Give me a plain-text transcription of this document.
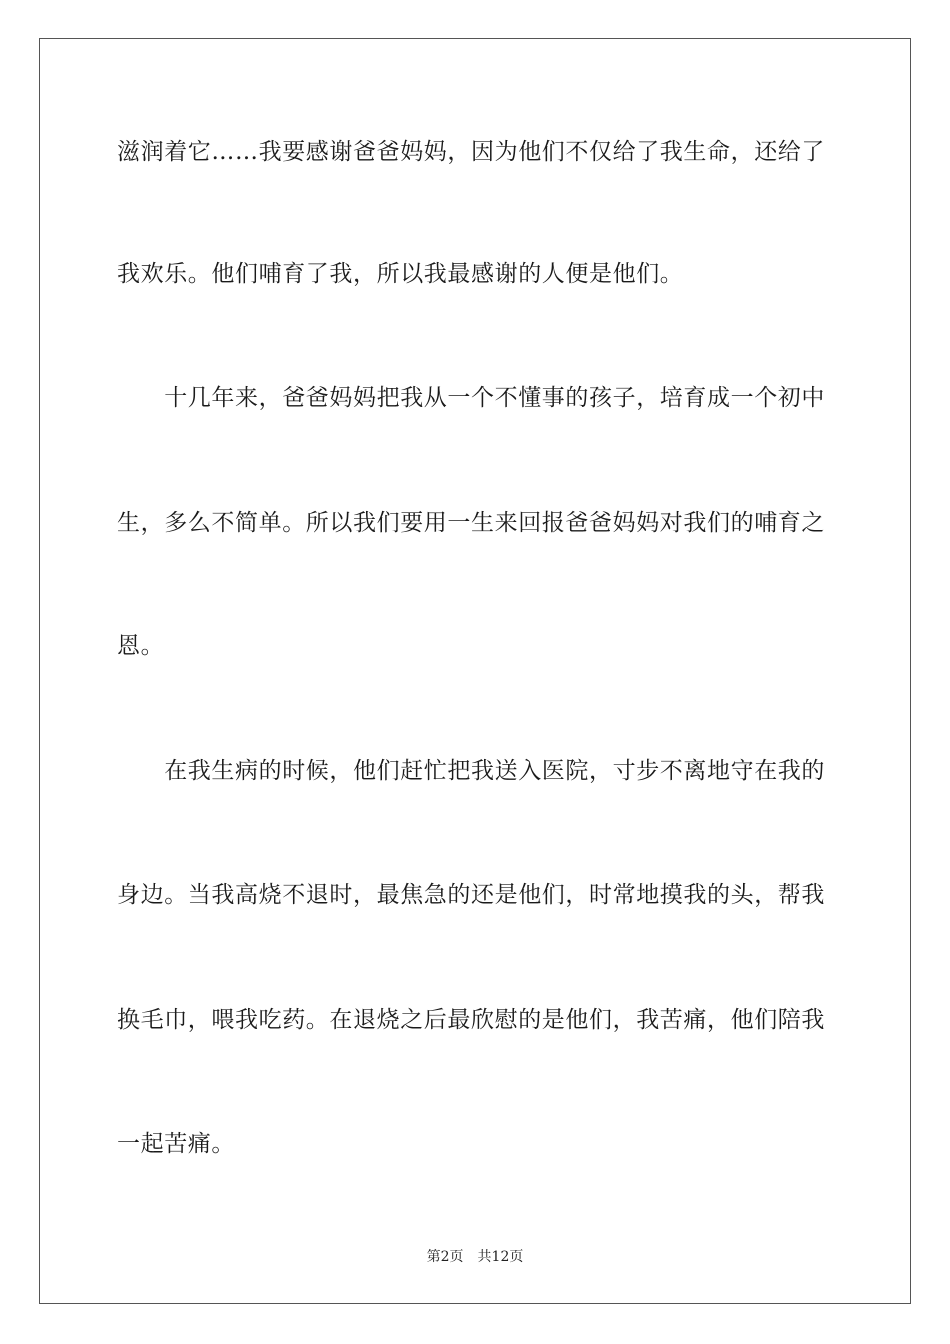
滋润着它……我要感谢爸爸妈妈，因为他们不仅给了我生命，还给了
我欢乐。他们哺育了我，所以我最感谢的人便是他们。
　　十几年来，爸爸妈妈把我从一个不懂事的孩子，培育成一个初中
生，多么不简单。所以我们要用一生来回报爸爸妈妈对我们的哺育之
恩。
　　在我生病的时候，他们赶忙把我送入医院，寸步不离地守在我的
身边。当我高烧不退时，最焦急的还是他们，时常地摸我的头，帮我
换毛巾，喂我吃药。在退烧之后最欣慰的是他们，我苦痛，他们陪我
一起苦痛。
第2页 共12页
